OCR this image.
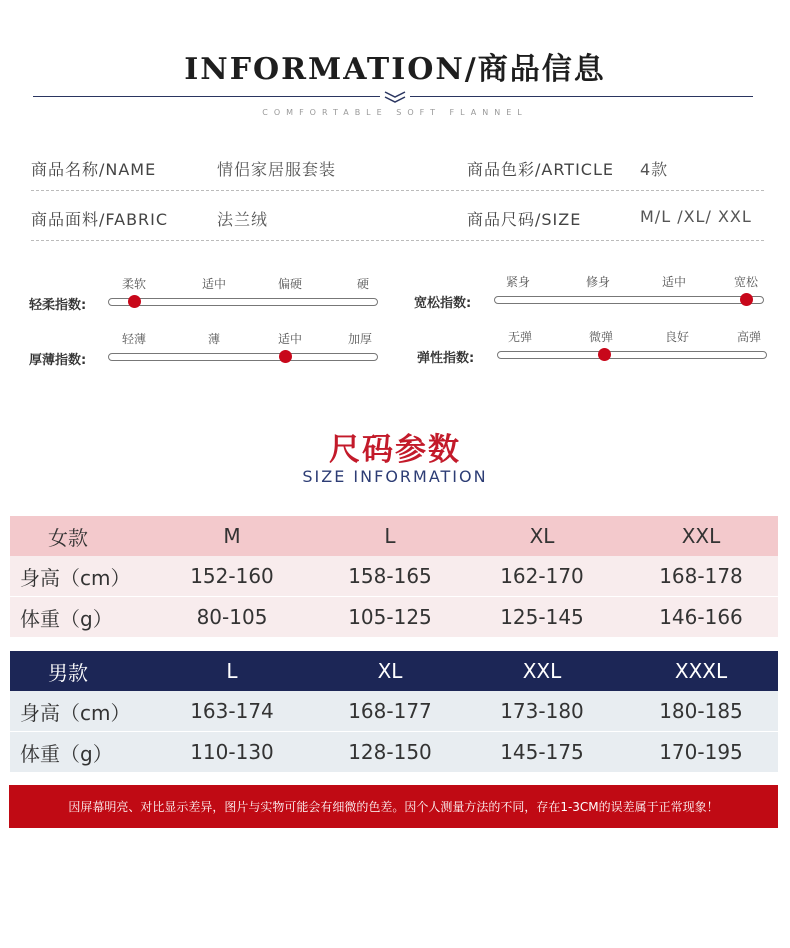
INFORMATION/商品信息
COMFORTABLE SOFT FLANNEL
商品名称/NAME	情侣家居服套装	商品色彩/ARTICLE 4款
商品面料/FABRIC	法兰绒	商品尺码/SIZE	M/L /XL/ XXL
轻柔指数:
柔软	适中	偏硬	硬
宽松指数:
紧身	修身	适中	宽松
厚薄指数:
轻薄	薄	适中	加厚
弹性指数:
无弹	微弹	良好	高弹
尺码参数
SIZE INFORMATION
女款	M	L	XL	XXL
身高（cm）	152-160	158-165	162-170	168-178
体重（g）	80-105	105-125	125-145	146-166
男款	L	XL	XXL	XXXL
身高（cm）	163-174	168-177	173-180	180-185
体重（g）	110-130	128-150	145-175	170-195
因屏幕明亮、对比显示差异，图片与实物可能会有细微的色差。因个人测量方法的不同，存在1-3CM的误差属于正常现象！
